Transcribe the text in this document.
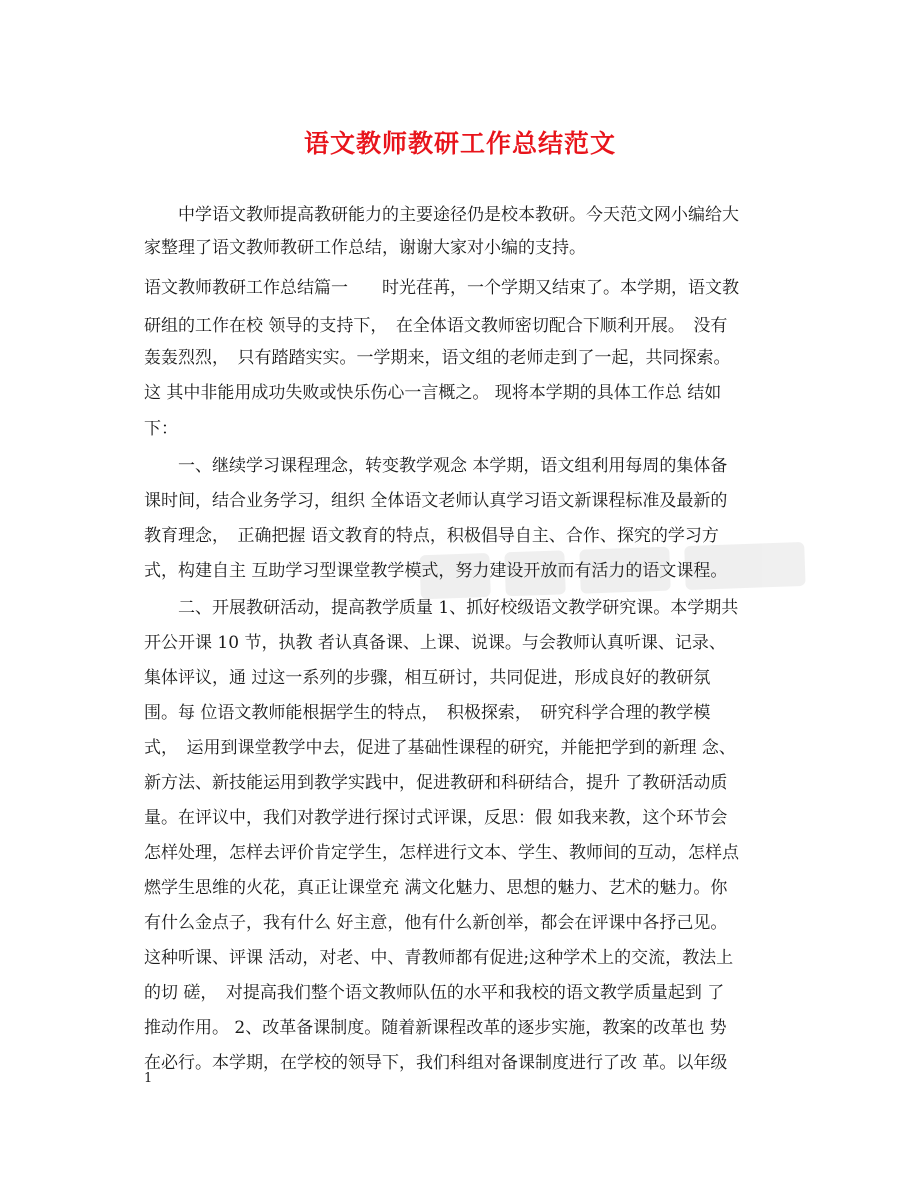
语文教师教研工作总结范文
中学语文教师提高教研能力的主要途径仍是校本教研。今天范文网小编给大
家整理了语文教师教研工作总结，谢谢大家对小编的支持。
语文教师教研工作总结篇一　　时光荏苒，一个学期又结束了。本学期，语文教
研组的工作在校 领导的支持下，　在全体语文教师密切配合下顺利开展。　没有
轰轰烈烈，　只有踏踏实实。一学期来，语文组的老师走到了一起，共同探索。
这 其中非能用成功失败或快乐伤心一言概之。 现将本学期的具体工作总 结如
下：
一、继续学习课程理念，转变教学观念 本学期，语文组利用每周的集体备
课时间，结合业务学习，组织 全体语文老师认真学习语文新课程标准及最新的
教育理念，　正确把握 语文教育的特点，积极倡导自主、合作、探究的学习方
式，构建自主 互助学习型课堂教学模式，努力建设开放而有活力的语文课程。
二、开展教研活动，提高教学质量 1、抓好校级语文教学研究课。本学期共
开公开课 10 节，执教 者认真备课、上课、说课。与会教师认真听课、记录、
集体评议，通 过这一系列的步骤，相互研讨，共同促进，形成良好的教研氛
围。每 位语文教师能根据学生的特点，　积极探索，　研究科学合理的教学模
式，　运用到课堂教学中去，促进了基础性课程的研究，并能把学到的新理 念、
新方法、新技能运用到教学实践中，促进教研和科研结合，提升 了教研活动质
量。在评议中，我们对教学进行探讨式评课，反思：假 如我来教，这个环节会
怎样处理，怎样去评价肯定学生，怎样进行文本、学生、教师间的互动，怎样点
燃学生思维的火花，真正让课堂充 满文化魅力、思想的魅力、艺术的魅力。你
有什么金点子，我有什么 好主意，他有什么新创举，都会在评课中各抒己见。
这种听课、评课 活动，对老、中、青教师都有促进;这种学术上的交流，教法上
的切 磋，　对提高我们整个语文教师队伍的水平和我校的语文教学质量起到 了
推动作用。 2、改革备课制度。随着新课程改革的逐步实施，教案的改革也 势
在必行。本学期，在学校的领导下，我们科组对备课制度进行了改 革。以年级
1
